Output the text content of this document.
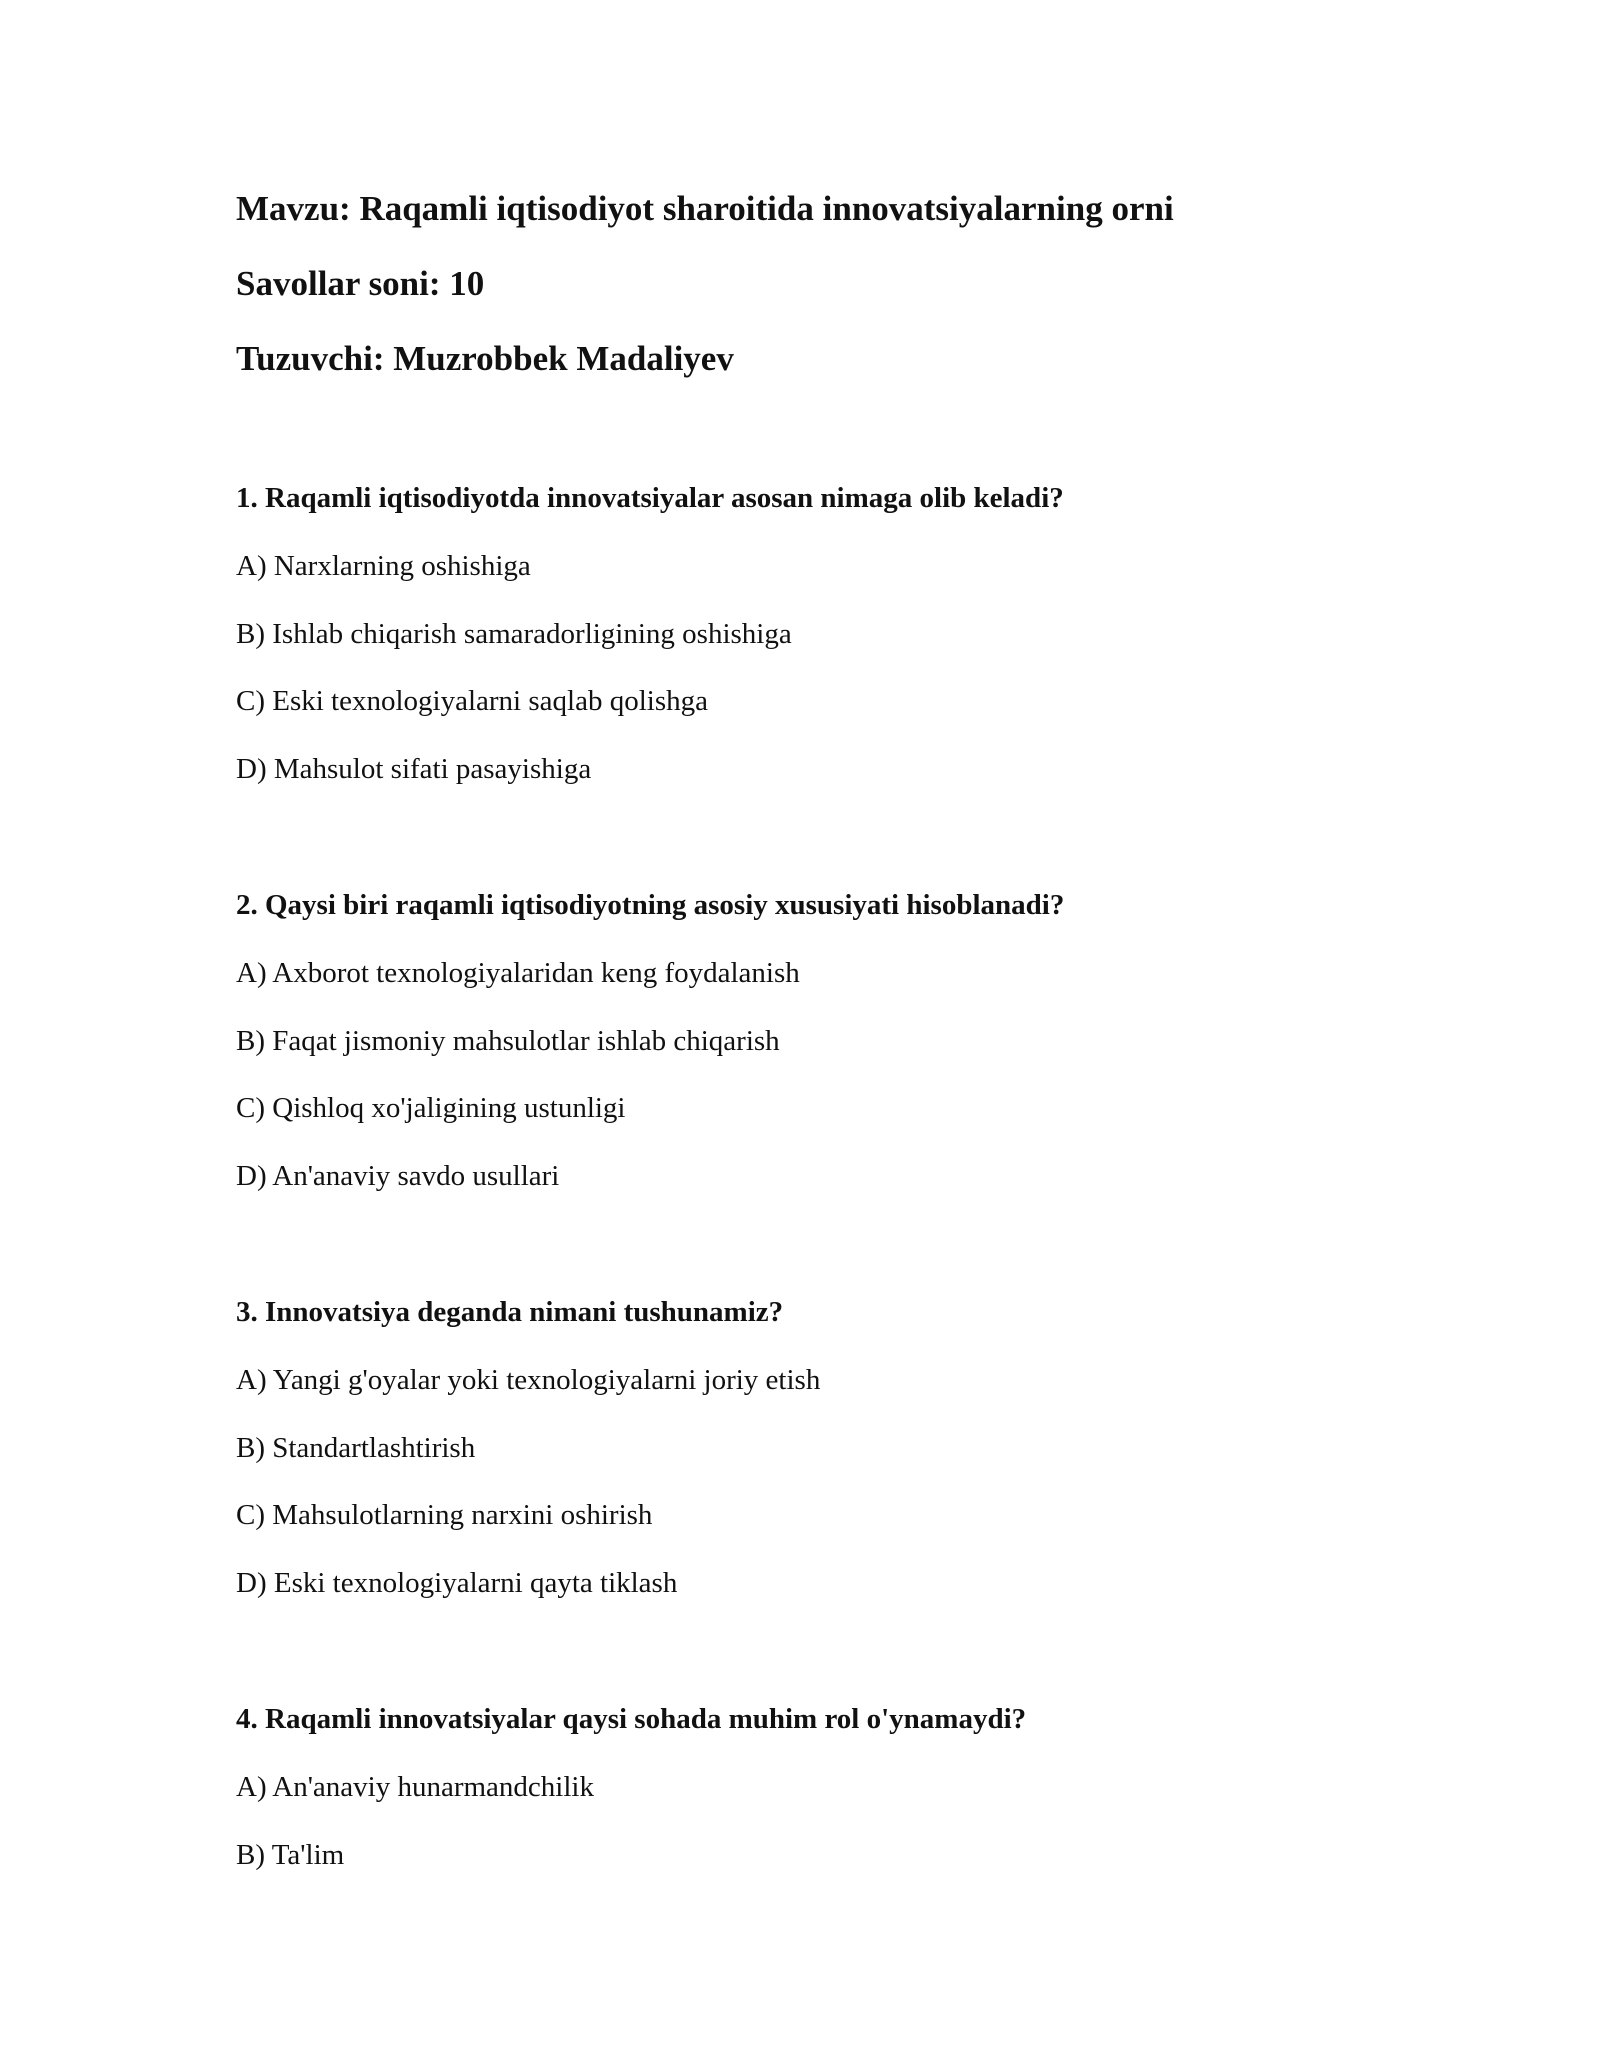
Mavzu: Raqamli iqtisodiyot sharoitida innovatsiyalarning orni
Savollar soni: 10
Tuzuvchi: Muzrobbek Madaliyev
1. Raqamli iqtisodiyotda innovatsiyalar asosan nimaga olib keladi?
A) Narxlarning oshishiga
B) Ishlab chiqarish samaradorligining oshishiga
C) Eski texnologiyalarni saqlab qolishga
D) Mahsulot sifati pasayishiga
2. Qaysi biri raqamli iqtisodiyotning asosiy xususiyati hisoblanadi?
A) Axborot texnologiyalaridan keng foydalanish
B) Faqat jismoniy mahsulotlar ishlab chiqarish
C) Qishloq xo'jaligining ustunligi
D) An'anaviy savdo usullari
3. Innovatsiya deganda nimani tushunamiz?
A) Yangi g'oyalar yoki texnologiyalarni joriy etish
B) Standartlashtirish
C) Mahsulotlarning narxini oshirish
D) Eski texnologiyalarni qayta tiklash
4. Raqamli innovatsiyalar qaysi sohada muhim rol o'ynamaydi?
A) An'anaviy hunarmandchilik
B) Ta'lim
